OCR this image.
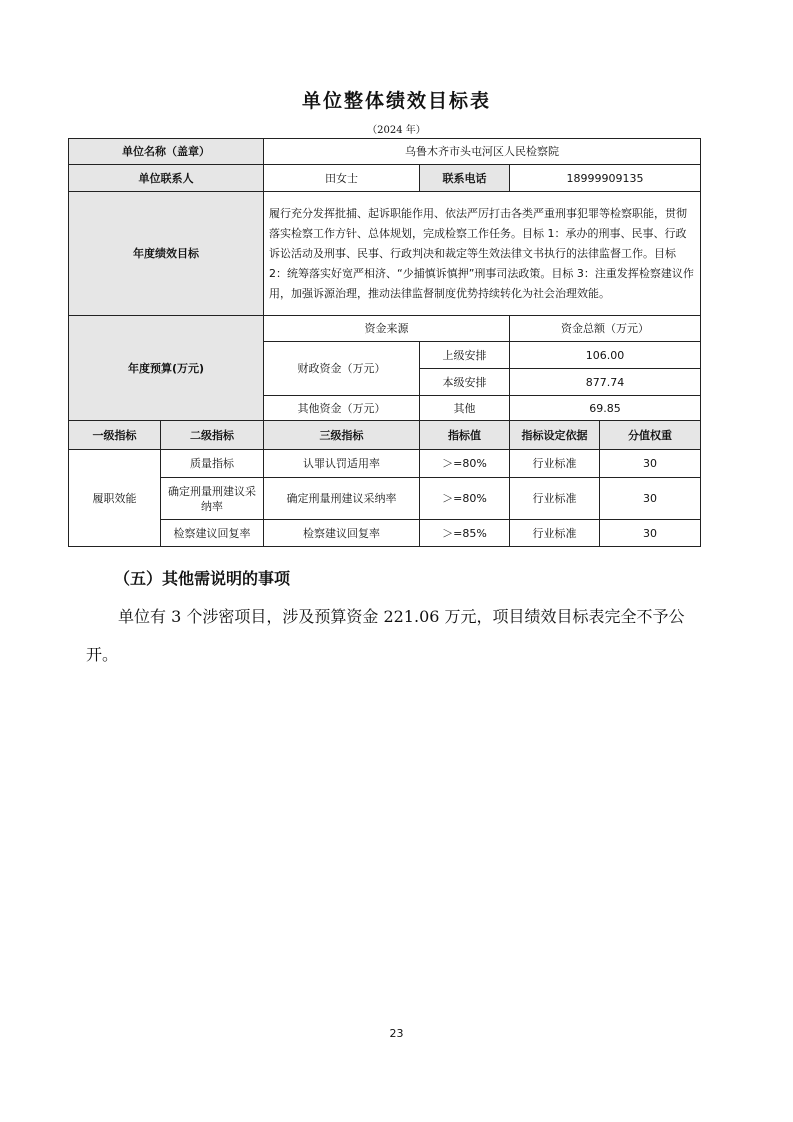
单位整体绩效目标表
（2024 年）
单位名称（盖章）		乌鲁木齐市头屯河区人民检察院			
单位联系人		田女士	联系电话	18999909135	
年度绩效目标		履行充分发挥批捕、起诉职能作用、依法严厉打击各类严重刑事犯罪等检察职能，贯彻落实检察工作方针、总体规划，完成检察工作任务。目标 1：承办的刑事、民事、行政诉讼活动及刑事、民事、行政判决和裁定等生效法律文书执行的法律监督工作。目标 2：统筹落实好宽严相济、“少捕慎诉慎押”刑事司法政策。目标 3：注重发挥检察建议作用，加强诉源治理，推动法律监督制度优势持续转化为社会治理效能。			
年度预算(万元)		资金来源		资金总额（万元）	
		财政资金（万元）	上级安排	106.00	
			本级安排	877.74	
		其他资金（万元）	其他	69.85	
一级指标	二级指标	三级指标	指标值	指标设定依据	分值权重
履职效能	质量指标	认罪认罚适用率	＞=80%	行业标准	30
	确定刑量刑建议采纳率	确定刑量刑建议采纳率	＞=80%	行业标准	30
	检察建议回复率	检察建议回复率	＞=85%	行业标准	30
（五）其他需说明的事项
单位有 3 个涉密项目，涉及预算资金 221.06 万元，项目绩效目标表完全不予公开。
23
